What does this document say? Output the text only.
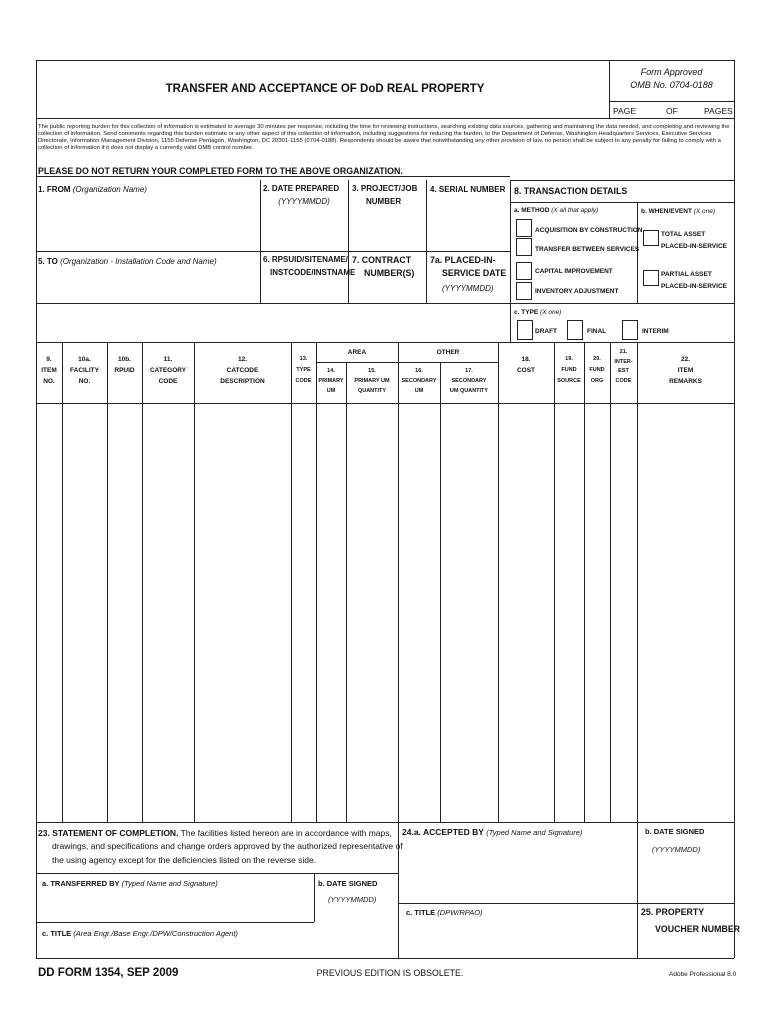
TRANSFER AND ACCEPTANCE OF DoD REAL PROPERTY
Form Approved
OMB No. 0704-0188
PAGE	OF	PAGES
The public reporting burden for this collection of information is estimated to average 30 minutes per response, including the time for reviewing instructions, searching existing data sources, gathering and maintaining the data needed, and completing and reviewing the collection of information. Send comments regarding this burden estimate or any other aspect of this collection of information, including suggestions for reducing the burden, to the Department of Defense, Washington Headquarters Services, Executive Services Directorate, Information Management Division, 1155 Defense Pentagon, Washington, DC 20301-1155 (0704-0188). Respondents should be aware that notwithstanding any other provision of law, no person shall be subject to any penalty for failing to comply with a collection of information if it does not display a currently valid OMB control number.
PLEASE DO NOT RETURN YOUR COMPLETED FORM TO THE ABOVE ORGANIZATION.
1. FROM (Organization Name)	2. DATE PREPARED
(YYYYMMDD)
3. PROJECT/JOB
NUMBER
4. SERIAL NUMBER
5. TO (Organization - Installation Code and Name)	6. RPSUID/SITENAME/
INSTCODE/INSTNAME
7. CONTRACT
NUMBER(S)
7a. PLACED-IN-
SERVICE DATE
(YYYYMMDD)
8. TRANSACTION DETAILS
a. METHOD (X all that apply)
ACQUISITION BY CONSTRUCTION
TRANSFER BETWEEN SERVICES
CAPITAL IMPROVEMENT
INVENTORY ADJUSTMENT
b. WHEN/EVENT (X one)
TOTAL ASSET
PLACED-IN-SERVICE
PARTIAL ASSET
PLACED-IN-SERVICE
c. TYPE (X one)
DRAFT	FINAL	INTERIM
9.
ITEM
NO.
10a.
FACILITY
NO.
10b.
RPUID
11.
CATEGORY
CODE
12.
CATCODE
DESCRIPTION
13.
TYPE
CODE
AREA	OTHER
14.
PRIMARY
UM
15.
PRIMARY UM
QUANTITY
16.
SECONDARY
UM
17.
SECONDARY
UM QUANTITY
18.
COST
19.
FUND
SOURCE
20.
FUND
ORG
21.
INTER-
EST
CODE
22.
ITEM
REMARKS
23. STATEMENT OF COMPLETION. The facilities listed hereon are in accordance with maps,
drawings, and specifications and change orders approved by the authorized representative of
the using agency except for the deficiencies listed on the reverse side.
a. TRANSFERRED BY (Typed Name and Signature)	b. DATE SIGNED
(YYYYMMDD)
c. TITLE (Area Engr./Base Engr./DPW/Construction Agent)
24.a. ACCEPTED BY (Typed Name and Signature)	b. DATE SIGNED
(YYYYMMDD)
c. TITLE (DPW/RPAO)	25. PROPERTY
VOUCHER NUMBER
DD FORM 1354, SEP 2009	PREVIOUS EDITION IS OBSOLETE.	Adobe Professional 8.0
